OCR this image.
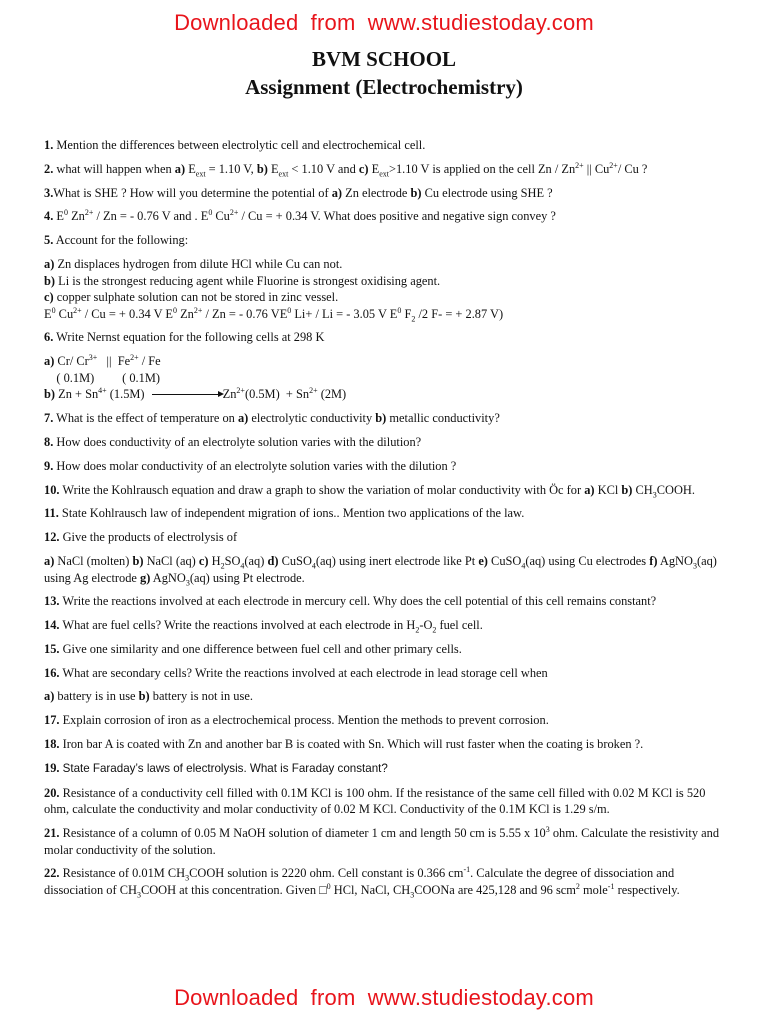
Downloaded from www.studiestoday.com
BVM SCHOOL
Assignment (Electrochemistry)

1. Mention the differences between electrolytic cell and electrochemical cell.

2. what will happen when a) $E_{ext} = 1.10$ V, b) $E_{ext} < 1.10$ V and c) $E_{ext}>1.10$ V is applied on the cell Zn / $Zn^{2+}$ || $Cu^{2+}/$ Cu ?

3.What is SHE ? How will you determine the potential of a) Zn electrode b) Cu electrode using SHE ?

4. $E^0$ $Zn^{2+}$ / Zn = - 0.76 V and . $E^0$ $Cu^{2+}$ / Cu = + 0.34 V. What does positive and negative sign convey ?

5. Account for the following:

a) Zn displaces hydrogen from dilute HCl while Cu can not.

b) Li is the strongest reducing agent while Fluorine is strongest oxidising agent.

c) copper sulphate solution can not be stored in zinc vessel.

$E^0$ $Cu^{2+}$ / Cu = + 0.34 V $E^0$ $Zn^{2+}$ / Zn = - 0.76 $VE^0$ Li+ / Li = - 3.05 V $E^0$ $F_2$ /2 F- = + 2.87 V)

6. Write Nernst equation for the following cells at 298 K

a) Cr/ $Cr^{3+}$   ||  $Fe^{2+}$ / Fe

( 0.1M)         ( 0.1M)

b) $Zn + Sn^{4+}$ (1.5M)	$Zn^{2+}(0.5M) + Sn^{2+}$ (2M)

7. What is the effect of temperature on a) electrolytic conductivity b) metallic conductivity?

8. How does conductivity of an electrolyte solution varies with the dilution?

9. How does molar conductivity of an electrolyte solution varies with the dilution ?

10. Write the Kohlrausch equation and draw a graph to show the variation of molar conductivity with Öc for a) KCl b) $CH_3COOH$.

11. State Kohlrausch law of independent migration of ions.. Mention two applications of the law.

12. Give the products of electrolysis of

a) NaCl (molten) b) NaCl (aq) c) $H_2SO_4(aq)$ d) CuSO$_4$(aq) using inert electrode like Pt e) CuSO$_4$(aq) using Cu electrodes f) AgNO$_3$(aq) using Ag electrode g) AgNO$_3$(aq) using Pt electrode.

13. Write the reactions involved at each electrode in mercury cell. Why does the cell potential of this cell remains constant?

14. What are fuel cells? Write the reactions involved at each electrode in $H_2-O_2$ fuel cell.

15. Give one similarity and one difference between fuel cell and other primary cells.

16. What are secondary cells? Write the reactions involved at each electrode in lead storage cell when

a) battery is in use b) battery is not in use.

17. Explain corrosion of iron as a electrochemical process. Mention the methods to prevent corrosion.

18. Iron bar A is coated with Zn and another bar B is coated with Sn. Which will rust faster when the coating is broken ?.

19. State Faraday’s laws of electrolysis. What is Faraday constant?

20. Resistance of a conductivity cell filled with 0.1M KCl is 100 ohm. If the resistance of the same cell filled with 0.02 M KCl is 520 ohm, calculate the conductivity and molar conductivity of 0.02 M KCl. Conductivity of the 0.1M KCl is 1.29 s/m.

21. Resistance of a column of 0.05 M NaOH solution of diameter 1 cm and length 50 cm is 5.55 x $10^3$ ohm. Calculate the resistivity and molar conductivity of the solution.

22. Resistance of 0.01M $CH_3COOH$ solution is 2220 ohm. Cell constant is 0.366 $cm^{-1}$. Calculate the degree of dissociation and dissociation of $CH_3COOH$ at this concentration. Given □$^0$ HCl, NaCl, $CH_3COONa$ are 425,128 and 96 scm$^2$ mole$^{-1}$ respectively.

Downloaded from www.studiestoday.com
